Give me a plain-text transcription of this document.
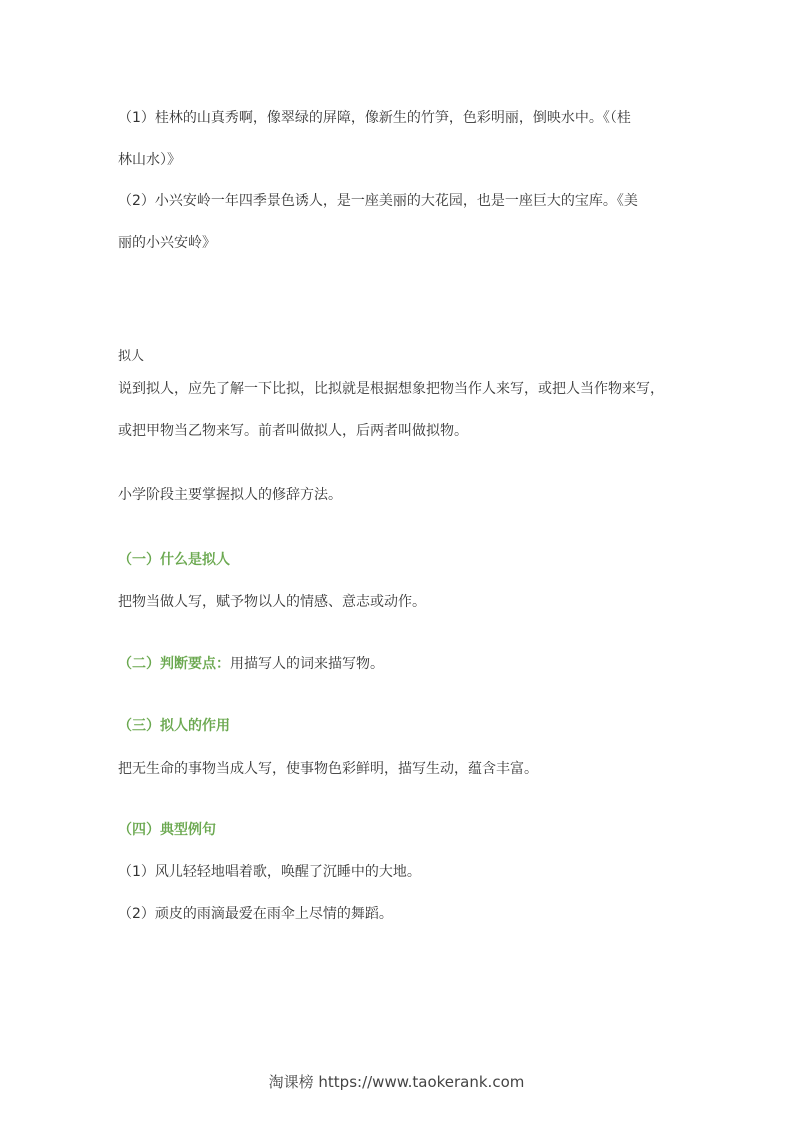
（1）桂林的山真秀啊，像翠绿的屏障，像新生的竹笋，色彩明丽，倒映水中。《（桂
林山水）》
（2）小兴安岭一年四季景色诱人，是一座美丽的大花园，也是一座巨大的宝库。《美
丽的小兴安岭》
拟人
说到拟人，应先了解一下比拟，比拟就是根据想象把物当作人来写，或把人当作物来写，
或把甲物当乙物来写。前者叫做拟人，后两者叫做拟物。
小学阶段主要掌握拟人的修辞方法。
（一）什么是拟人
把物当做人写，赋予物以人的情感、意志或动作。
（二）判断要点：用描写人的词来描写物。
（三）拟人的作用
把无生命的事物当成人写，使事物色彩鲜明，描写生动，蕴含丰富。
（四）典型例句
（1）风儿轻轻地唱着歌，唤醒了沉睡中的大地。
（2）顽皮的雨滴最爱在雨伞上尽情的舞蹈。
淘课榜 https://www.taokerank.com
